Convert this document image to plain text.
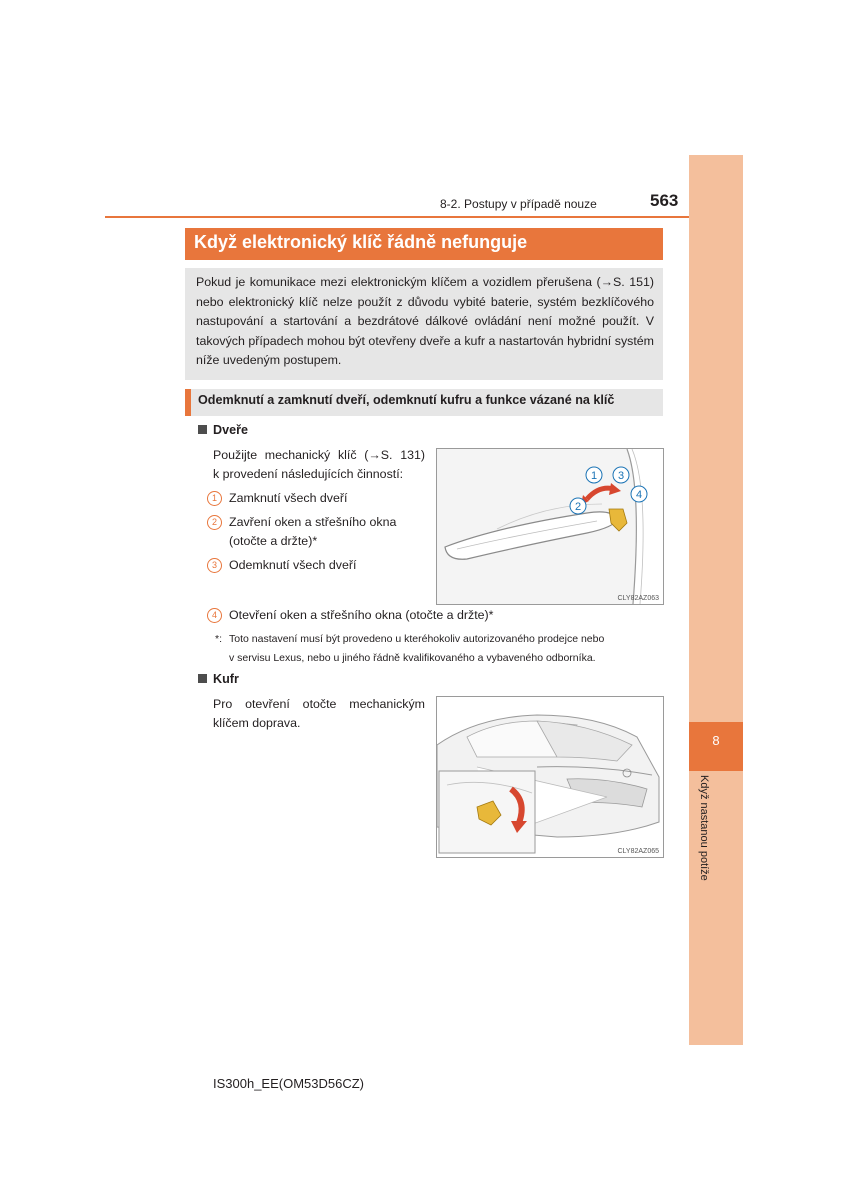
8
Když nastanou potíže
8-2. Postupy v případě nouze	563
Když elektronický klíč řádně nefunguje
Pokud je komunikace mezi elektronickým klíčem a vozidlem přerušena (→S. 151) nebo elektronický klíč nelze použít z důvodu vybité baterie, systém bezklíčového nastupování a startování a bezdrátové dálkové ovládání není možné použít. V takových případech mohou být otevřeny dveře a kufr a nastartován hybridní systém níže uvedeným postupem.
Odemknutí a zamknutí dveří, odemknutí kufru a funkce vázané na klíč
Dveře
Použijte mechanický klíč (→S. 131)
k provedení následujících činností:
1 Zamknutí všech dveří
2 Zavření oken a střešního okna
(otočte a držte)*
3 Odemknutí všech dveří
1 3
2
4
CLY82AZ063
4 Otevření oken a střešního okna (otočte a držte)*
*: Toto nastavení musí být provedeno u kteréhokoliv autorizovaného prodejce nebo
v servisu Lexus, nebo u jiného řádně kvalifikovaného a vybaveného odborníka.
Kufr
Pro otevření otočte mechanickým
klíčem doprava.
CLY82AZ065
IS300h_EE(OM53D56CZ)
